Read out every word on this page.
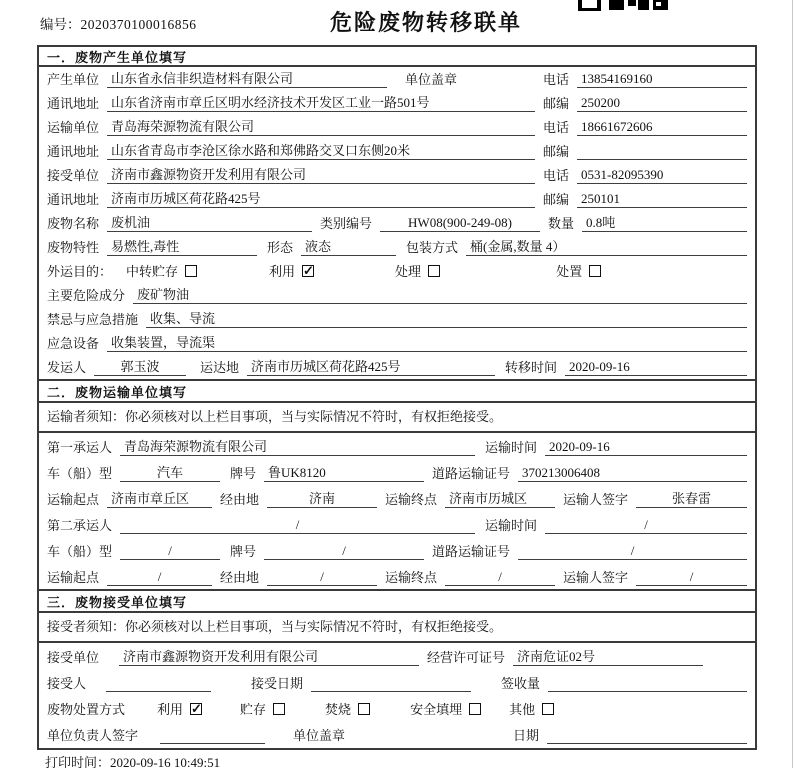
编号：2020370100016856	危险废物转移联单
一．废物产生单位填写
产生单位 山东省永信非织造材料有限公司	单位盖章	电话 13854169160
通讯地址 山东省济南市章丘区明水经济技术开发区工业一路501号	邮编 250200
运输单位 青岛海荣源物流有限公司	电话 18661672606
通讯地址 山东省青岛市李沧区徐水路和郑佛路交叉口东侧20米	邮编
接受单位 济南市鑫源物资开发利用有限公司	电话 0531-82095390
通讯地址 济南市历城区荷花路425号	邮编 250101
废物名称 废机油	类别编号	HW08(900-249-08)	数量 0.8吨
废物特性 易燃性,毒性	形态 液态	包装方式 桶(金属,数量 4）
外运目的： 中转贮存	利用 ✓	处理	处置
主要危险成分 废矿物油
禁忌与应急措施 收集、导流
应急设备 收集装置，导流渠
发运人	郭玉波	运达地 济南市历城区荷花路425号	转移时间 2020-09-16
二．废物运输单位填写
运输者须知： 你必须核对以上栏目事项，当与实际情况不符时，有权拒绝接受。
第一承运人 青岛海荣源物流有限公司	运输时间 2020-09-16
车（船）型	汽车	牌号 鲁UK8120	道路运输证号 370213006408
运输起点 济南市章丘区	经由地	济南	运输终点 济南市历城区	运输人签字	张春雷
第二承运人	/	运输时间	/
车（船）型	/	牌号	/	道路运输证号	/
运输起点	/	经由地	/	运输终点	/	运输人签字	/
三．废物接受单位填写
接受者须知： 你必须核对以上栏目事项，当与实际情况不符时，有权拒绝接受。
接受单位	济南市鑫源物资开发利用有限公司	经营许可证号 济南危证02号
接受人	接受日期	签收量
废物处置方式 利用 ✓	贮存	焚烧	安全填埋	其他
单位负责人签字	单位盖章	日期
打印时间：2020-09-16 10:49:51
